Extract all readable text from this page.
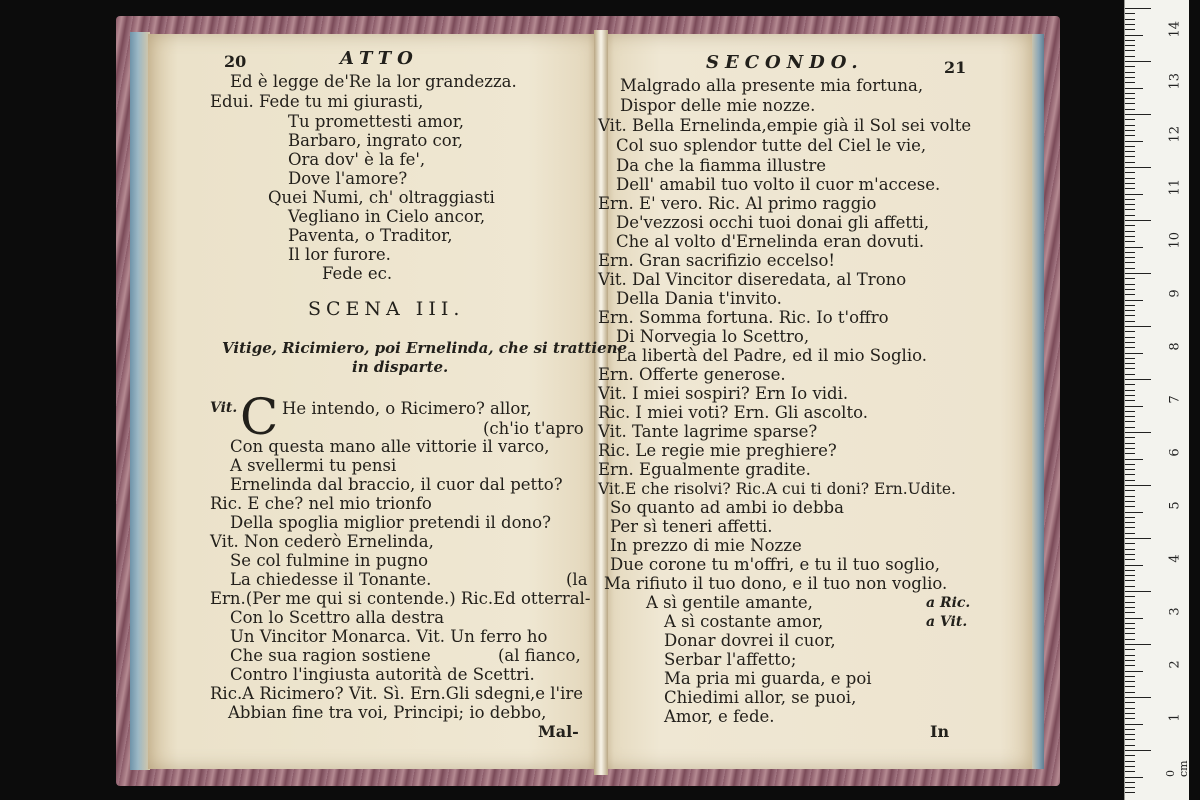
20	ATTO
Ed è legge de'Re la lor grandezza.
Edui. Fede tu mi giurasti,
Tu promettesti amor,
Barbaro, ingrato cor,
Ora dov' è la fe',
Dove l'amore?
Quei Numi, ch' oltraggiasti
Vegliano in Cielo ancor,
Paventa, o Traditor,
Il lor furore.
Fede ec.
SCENA III.
Vitige, Ricimiero, poi Ernelinda, che si trattiene
in disparte.
Vit. C He intendo, o Ricimero? allor,
(ch'io t'apro
Con questa mano alle vittorie il varco,
A svellermi tu pensi
Ernelinda dal braccio, il cuor dal petto?
Ric. E che? nel mio trionfo
Della spoglia miglior pretendi il dono?
Vit. Non cederò Ernelinda,
Se col fulmine in pugno
La chiedesse il Tonante.	(la
Ern.(Per me qui si contende.) Ric.Ed otterral-
Con lo Scettro alla destra
Un Vincitor Monarca. Vit. Un ferro ho
Che sua ragion sostiene	(al fianco,
Contro l'ingiusta autorità de Scettri.
Ric.A Ricimero? Vit. Sì. Ern.Gli sdegni,e l'ire
Abbian fine tra voi, Principi; io debbo,
Mal-
SECONDO.	21
Malgrado alla presente mia fortuna,
Dispor delle mie nozze.
Vit. Bella Ernelinda,empie già il Sol sei volte
Col suo splendor tutte del Ciel le vie,
Da che la fiamma illustre
Dell' amabil tuo volto il cuor m'accese.
Ern. E' vero. Ric. Al primo raggio
De'vezzosi occhi tuoi donai gli affetti,
Che al volto d'Ernelinda eran dovuti.
Ern. Gran sacrifizio eccelso!
Vit. Dal Vincitor diseredata, al Trono
Della Dania t'invito.
Ern. Somma fortuna. Ric. Io t'offro
Di Norvegia lo Scettro,
La libertà del Padre, ed il mio Soglio.
Ern. Offerte generose.
Vit. I miei sospiri? Ern Io vidi.
Ric. I miei voti? Ern. Gli ascolto.
Vit. Tante lagrime sparse?
Ric. Le regie mie preghiere?
Ern. Egualmente gradite.
Vit.E che risolvi? Ric.A cui ti doni? Ern.Udite.
So quanto ad ambi io debba
Per sì teneri affetti.
In prezzo di mie Nozze
Due corone tu m'offri, e tu il tuo soglio,
Ma rifiuto il tuo dono, e il tuo non voglio.
A sì gentile amante,	a Ric.
A sì costante amor,	a Vit.
Donar dovrei il cuor,
Serbar l'affetto;
Ma pria mi guarda, e poi
Chiedimi allor, se puoi,
Amor, e fede.
In
14
13
12
11
10
9
8
7
6
5
4
3
2
1
0 cm
